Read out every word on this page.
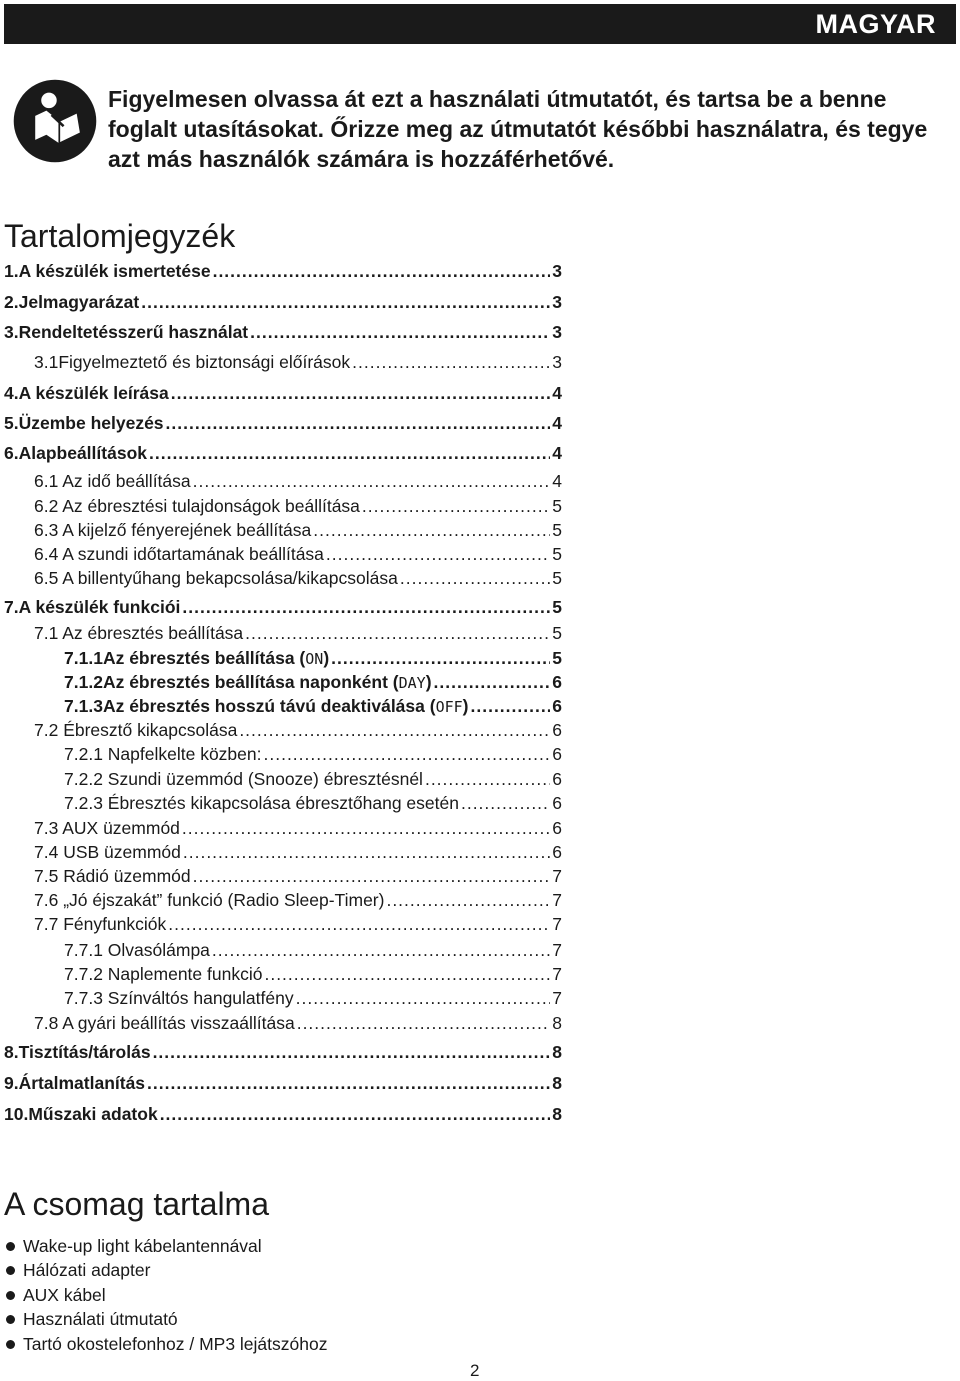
MAGYAR

Figyelmesen olvassa át ezt a használati útmutatót, és tartsa be a benne
foglalt utasításokat. Őrizze meg az útmutatót későbbi használatra, és tegye
azt más használók számára is hozzáférhetővé.

Tartalomjegyzék
1. A készülék ismertetése .....	3
2. Jelmagyarázat .....	3
3. Rendeltetésszerű használat .....	3
3.1Figyelmeztető és biztonsági előírások .....	3
4. A készülék leírása .....	4
5. Üzembe helyezés .....	4
6. Alapbeállítások .....	4
6.1 Az idő beállítása .....	4
6.2 Az ébresztési tulajdonságok beállítása .....	5
6.3 A kijelző fényerejének beállítása .....	5
6.4 A szundi időtartamának beállítása .....	5
6.5 A billentyűhang bekapcsolása/kikapcsolása .....	5
7. A készülék funkciói .....	5
7.1 Az ébresztés beállítása .....	5
7.1.1 Az ébresztés beállítása ( ON ) .....	5
7.1.2 Az ébresztés beállítása naponként ( DAY ) .....	6
7.1.3 Az ébresztés hosszú távú deaktiválása ( OFF ) .....	6
7.2 Ébresztő kikapcsolása .....	6
7.2.1 Napfelkelte közben: .....	6
7.2.2 Szundi üzemmód (Snooze) ébresztésnél .....	6
7.2.3 Ébresztés kikapcsolása ébresztőhang esetén .....	6
7.3 AUX üzemmód .....	6
7.4 USB üzemmód .....	6
7.5 Rádió üzemmód .....	7
7.6 „Jó éjszakát” funkció (Radio Sleep-Timer) .....	7
7.7 Fényfunkciók .....	7
7.7.1 Olvasólámpa .....	7
7.7.2 Naplemente funkció .....	7
7.7.3 Színváltós hangulatfény .....	7
7.8 A gyári beállítás visszaállítása .....	8
8. Tisztítás/tárolás .....	8
9. Ártalmatlanítás .....	8
10. Műszaki adatok .....	8
A csomag tartalma
Wake-up light kábelantennával
Hálózati adapter
AUX kábel
Használati útmutató
Tartó okostelefonhoz / MP3 lejátszóhoz
2
